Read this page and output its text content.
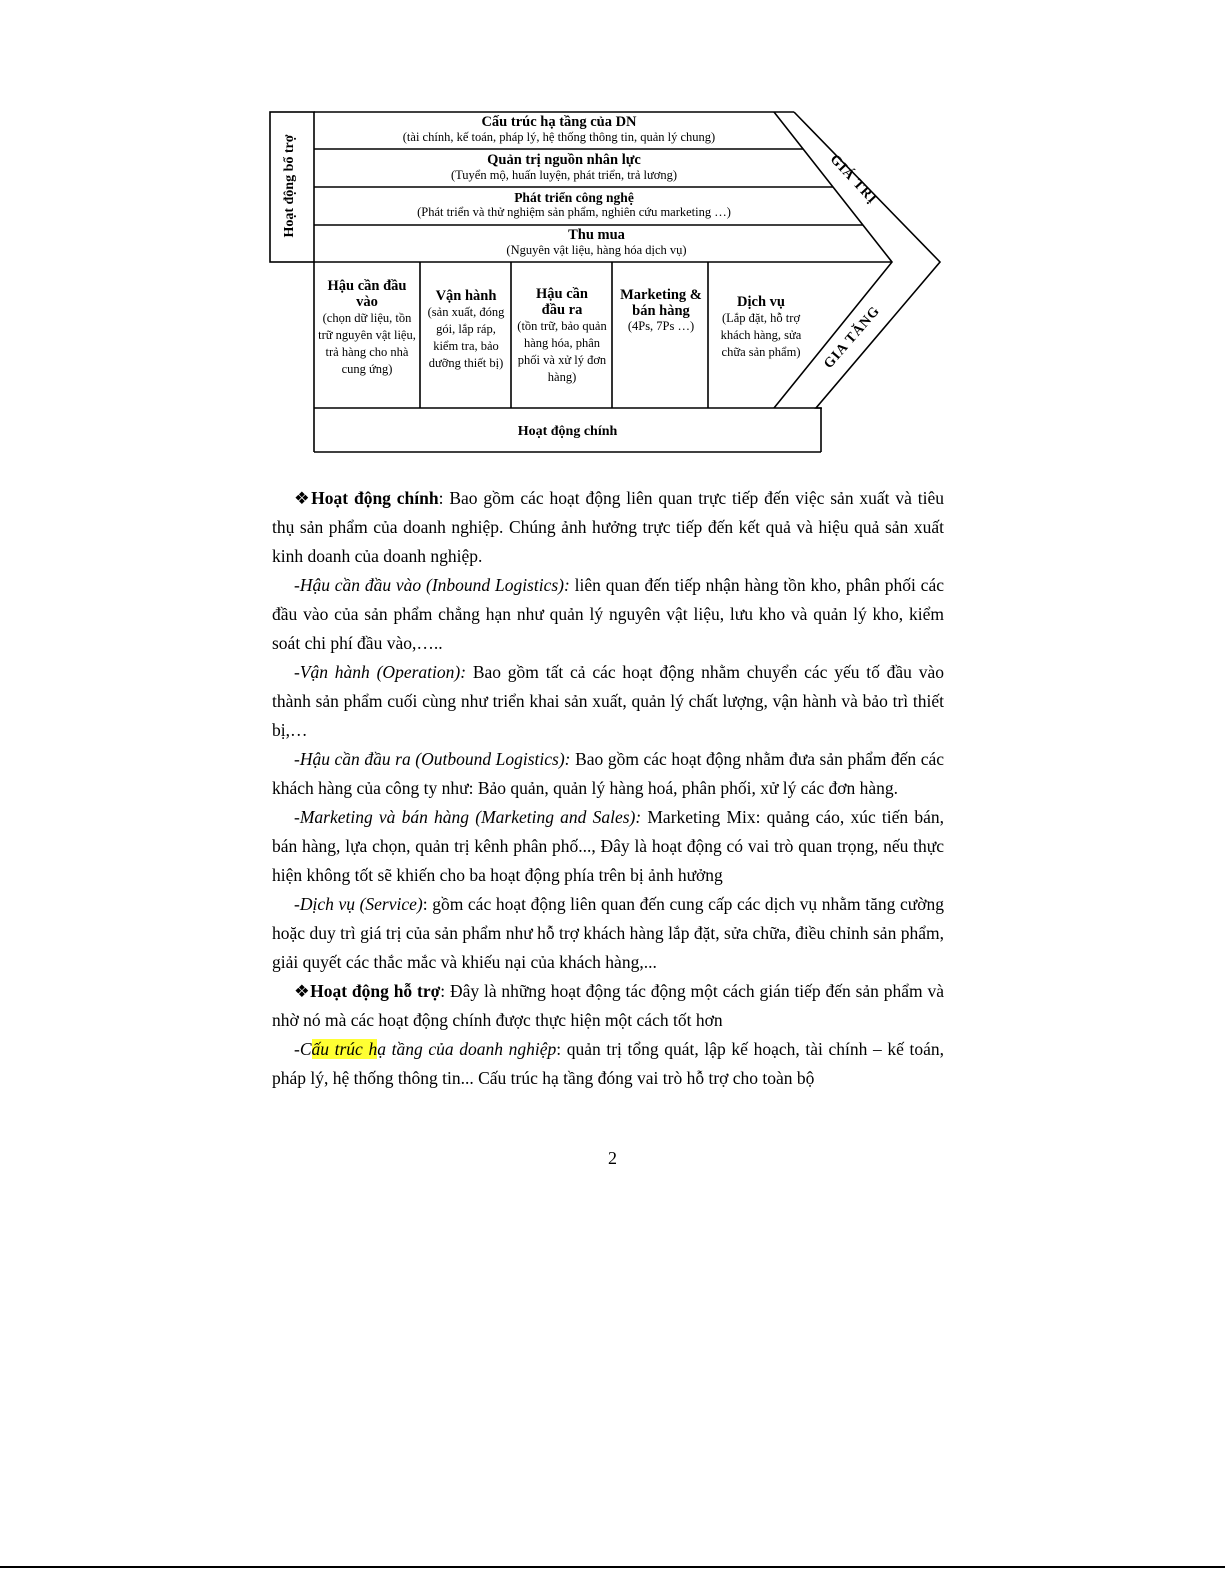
Hoạt động bổ trợ
Cấu trúc hạ tầng của DN
(tài chính, kế toán, pháp lý, hệ thống thông tin, quản lý chung)
Quản trị nguồn nhân lực
(Tuyển mộ, huấn luyện, phát triển, trả lương)
Phát triển công nghệ
(Phát triển và thử nghiệm sản phẩm, nghiên cứu marketing …)
Thu mua
(Nguyên vật liệu, hàng hóa dịch vụ)
Hậu cần đầu vào
(chọn dữ liệu, tồn trữ nguyên vật liệu, trả hàng cho nhà cung ứng)
Vận hành
(sản xuất, đóng gói, lắp ráp, kiểm tra, bảo dưỡng thiết bị)
Hậu cần đầu ra
(tồn trữ, bảo quản hàng hóa, phân phối và xử lý đơn hàng)
Marketing & bán hàng
(4Ps, 7Ps …)
Dịch vụ
(Lắp đặt, hỗ trợ khách hàng, sửa chữa sản phẩm)
Hoạt động chính
GIÁ TRỊ
GIA TĂNG

❖Hoạt động chính: Bao gồm các hoạt động liên quan trực tiếp đến việc sản xuất và tiêu thụ sản phẩm của doanh nghiệp. Chúng ảnh hưởng trực tiếp đến kết quả và hiệu quả sản xuất kinh doanh của doanh nghiệp.

-Hậu cần đầu vào (Inbound Logistics): liên quan đến tiếp nhận hàng tồn kho, phân phối các đầu vào của sản phẩm chẳng hạn như quản lý nguyên vật liệu, lưu kho và quản lý kho, kiểm soát chi phí đầu vào,…..

-Vận hành (Operation): Bao gồm tất cả các hoạt động nhằm chuyển các yếu tố đầu vào thành sản phẩm cuối cùng như triển khai sản xuất, quản lý chất lượng, vận hành và bảo trì thiết bị,…

-Hậu cần đầu ra (Outbound Logistics): Bao gồm các hoạt động nhằm đưa sản phẩm đến các khách hàng của công ty như: Bảo quản, quản lý hàng hoá, phân phối, xử lý các đơn hàng.

-Marketing và bán hàng (Marketing and Sales): Marketing Mix: quảng cáo, xúc tiến bán, bán hàng, lựa chọn, quản trị kênh phân phố..., Đây là hoạt động có vai trò quan trọng, nếu thực hiện không tốt sẽ khiến cho ba hoạt động phía trên bị ảnh hưởng

-Dịch vụ (Service): gồm các hoạt động liên quan đến cung cấp các dịch vụ nhằm tăng cường hoặc duy trì giá trị của sản phẩm như hỗ trợ khách hàng lắp đặt, sửa chữa, điều chỉnh sản phẩm, giải quyết các thắc mắc và khiếu nại của khách hàng,...

❖Hoạt động hỗ trợ: Đây là những hoạt động tác động một cách gián tiếp đến sản phẩm và nhờ nó mà các hoạt động chính được thực hiện một cách tốt hơn

-Cấu trúc hạ tầng của doanh nghiệp: quản trị tổng quát, lập kế hoạch, tài chính – kế toán, pháp lý, hệ thống thông tin... Cấu trúc hạ tầng đóng vai trò hỗ trợ cho toàn bộ

2
